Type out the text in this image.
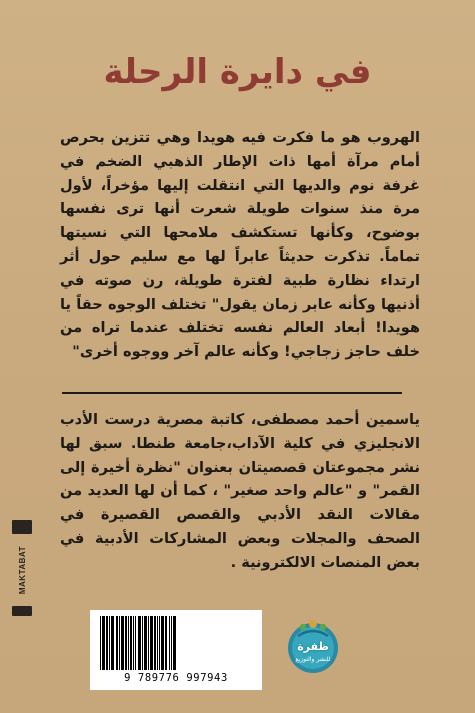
في دايرة الرحلة
الهروب هو ما فكرت فيه هويدا وهي تتزين بحرص أمام مرآة أمها ذات الإطار الذهبي الضخم في غرفة نوم والديها التي انتقلت إليها مؤخراً، لأول مرة منذ سنوات طويلة شعرت أنها ترى نفسها بوضوح، وكأنها تستكشف ملامحها التي نسيتها تماماً. تذكرت حديثاً عابراً لها مع سليم حول أثر ارتداء نظارة طبية لفترة طويلة، رن صوته في أذنيها وكأنه عابر زمان يقول" تختلف الوجوه حقاً يا هويدا! أبعاد العالم نفسه تختلف عندما تراه من خلف حاجز زجاجي! وكأنه عالم آخر ووجوه أخرى"
ياسمين أحمد مصطفى، كاتبة مصرية درست الأدب الانجليزي في كلية الآداب،جامعة طنطا. سبق لها نشر مجموعتان قصصيتان بعنوان "نظرة أخيرة إلى القمر" و "عالم واحد صغير" ، كما أن لها العديد من مقالات النقد الأدبي والقصص القصيرة في الصحف والمجلات وبعض المشاركات الأدبية في بعض المنصات الالكترونية .
MAKTABAT
ظفرة
للنشر والتوزيع
9 789776 997943
